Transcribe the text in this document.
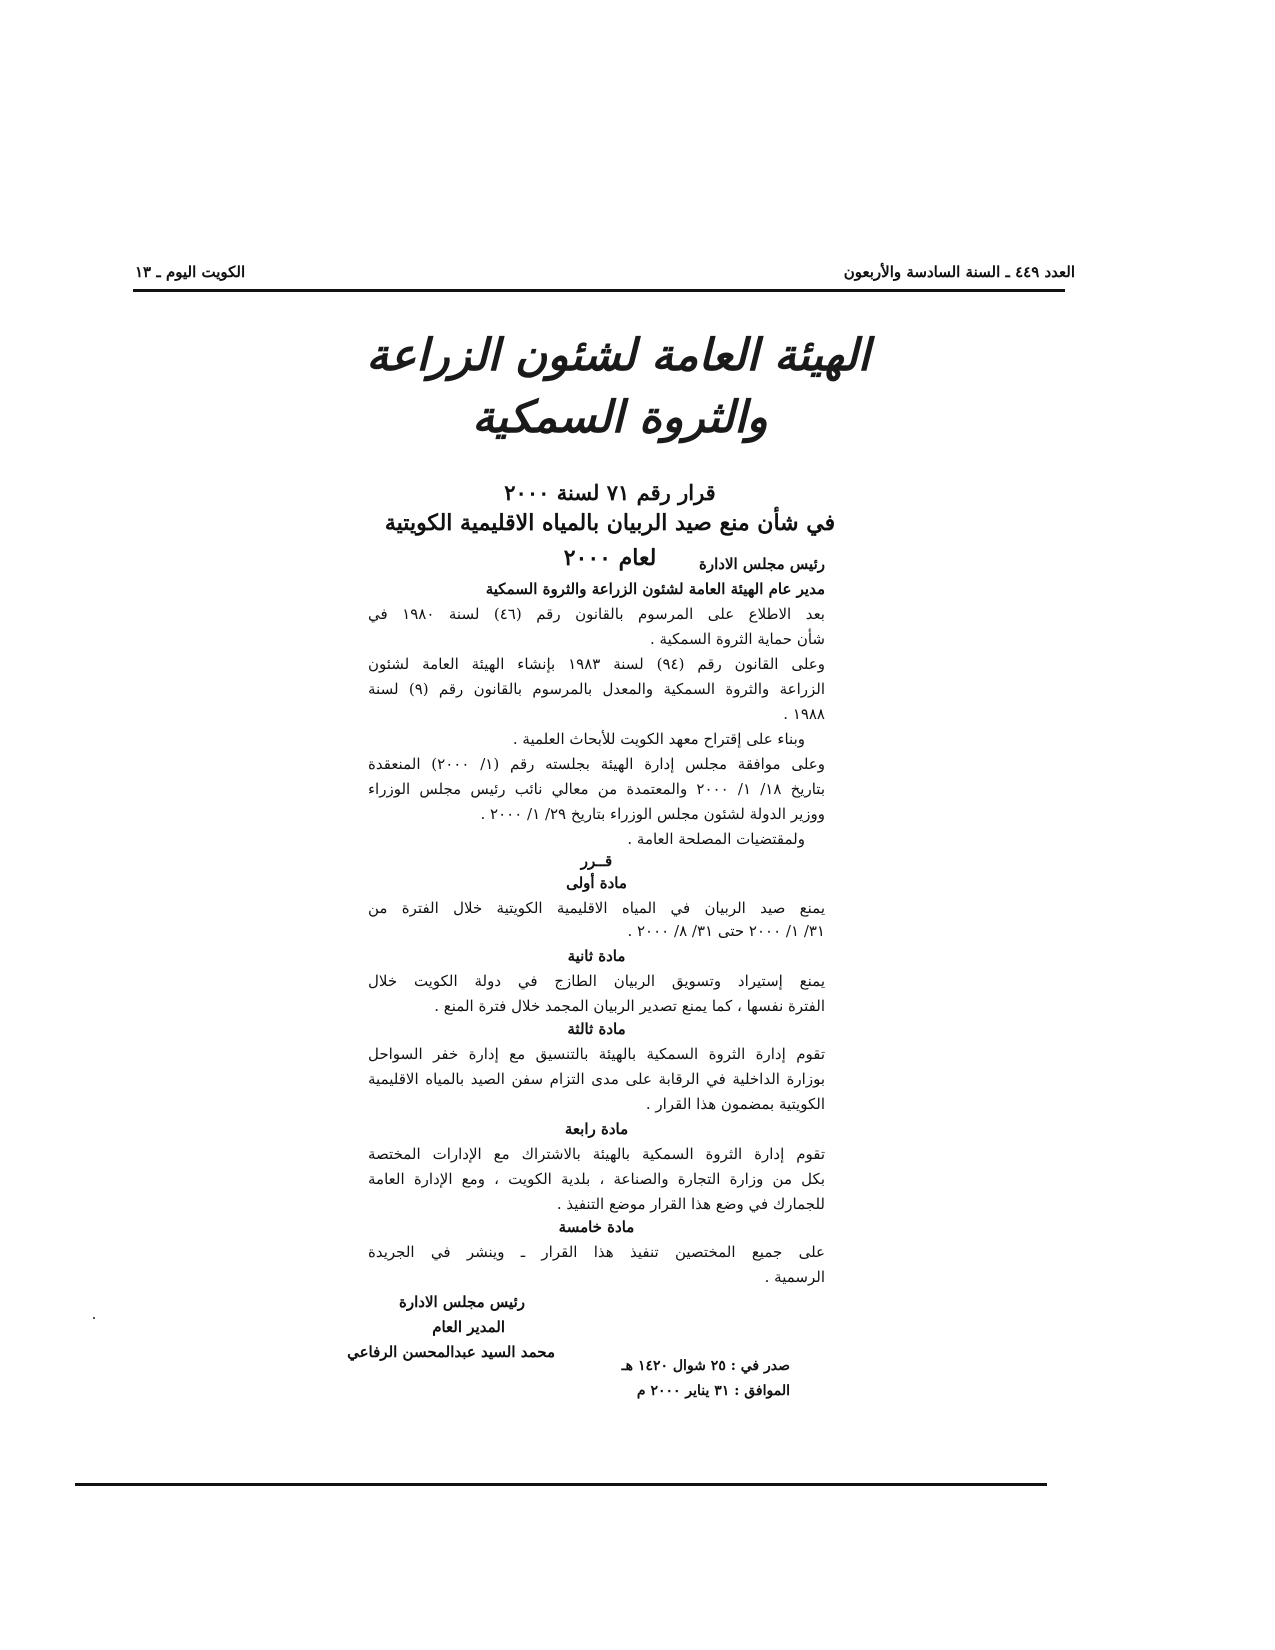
العدد ٤٤٩ ـ السنة السادسة والأربعون
الكويت اليوم ـ ١٣
الهيئة العامة لشئون الزراعة
والثروة السمكية
قرار رقم ٧١ لسنة ٢٠٠٠
في شأن منع صيد الربيان بالمياه الاقليمية الكويتية
لعام ٢٠٠٠	رئيس مجلس الادارة
مدير عام الهيئة العامة لشئون الزراعة والثروة السمكية
بعد الاطلاع على المرسوم بالقانون رقم (٤٦) لسنة ١٩٨٠ في
شأن حماية الثروة السمكية .
وعلى القانون رقم (٩٤) لسنة ١٩٨٣ بإنشاء الهيئة العامة لشئون
الزراعة والثروة السمكية والمعدل بالمرسوم بالقانون رقم (٩) لسنة
١٩٨٨ .
وبناء على إقتراح معهد الكويت للأبحاث العلمية .
وعلى موافقة مجلس إدارة الهيئة بجلسته رقم (١/ ٢٠٠٠) المنعقدة
بتاريخ ١٨/ ١/ ٢٠٠٠ والمعتمدة من معالي نائب رئيس مجلس الوزراء
ووزير الدولة لشئون مجلس الوزراء بتاريخ ٢٩/ ١/ ٢٠٠٠ .
ولمقتضيات المصلحة العامة .
قــرر
مادة أولى
يمنع صيد الربيان في المياه الاقليمية الكويتية خلال الفترة من
٣١/ ١/ ٢٠٠٠ حتى ٣١/ ٨/ ٢٠٠٠ .
مادة ثانية
يمنع إستيراد وتسويق الربيان الطازج في دولة الكويت خلال
الفترة نفسها ، كما يمنع تصدير الربيان المجمد خلال فترة المنع .
مادة ثالثة
تقوم إدارة الثروة السمكية بالهيئة بالتنسيق مع إدارة خفر السواحل
بوزارة الداخلية في الرقابة على مدى التزام سفن الصيد بالمياه الاقليمية
الكويتية بمضمون هذا القرار .
مادة رابعة
تقوم إدارة الثروة السمكية بالهيئة بالاشتراك مع الإدارات المختصة
بكل من وزارة التجارة والصناعة ، بلدية الكويت ، ومع الإدارة العامة
للجمارك في وضع هذا القرار موضع التنفيذ .
مادة خامسة
على جميع المختصين تنفيذ هذا القرار ـ وينشر في الجريدة
الرسمية .
رئيس مجلس الادارة
المدير العام
محمد السيد عبدالمحسن الرفاعي
صدر في : ٢٥ شوال ١٤٢٠ هـ
الموافق : ٣١ يناير ٢٠٠٠ م
